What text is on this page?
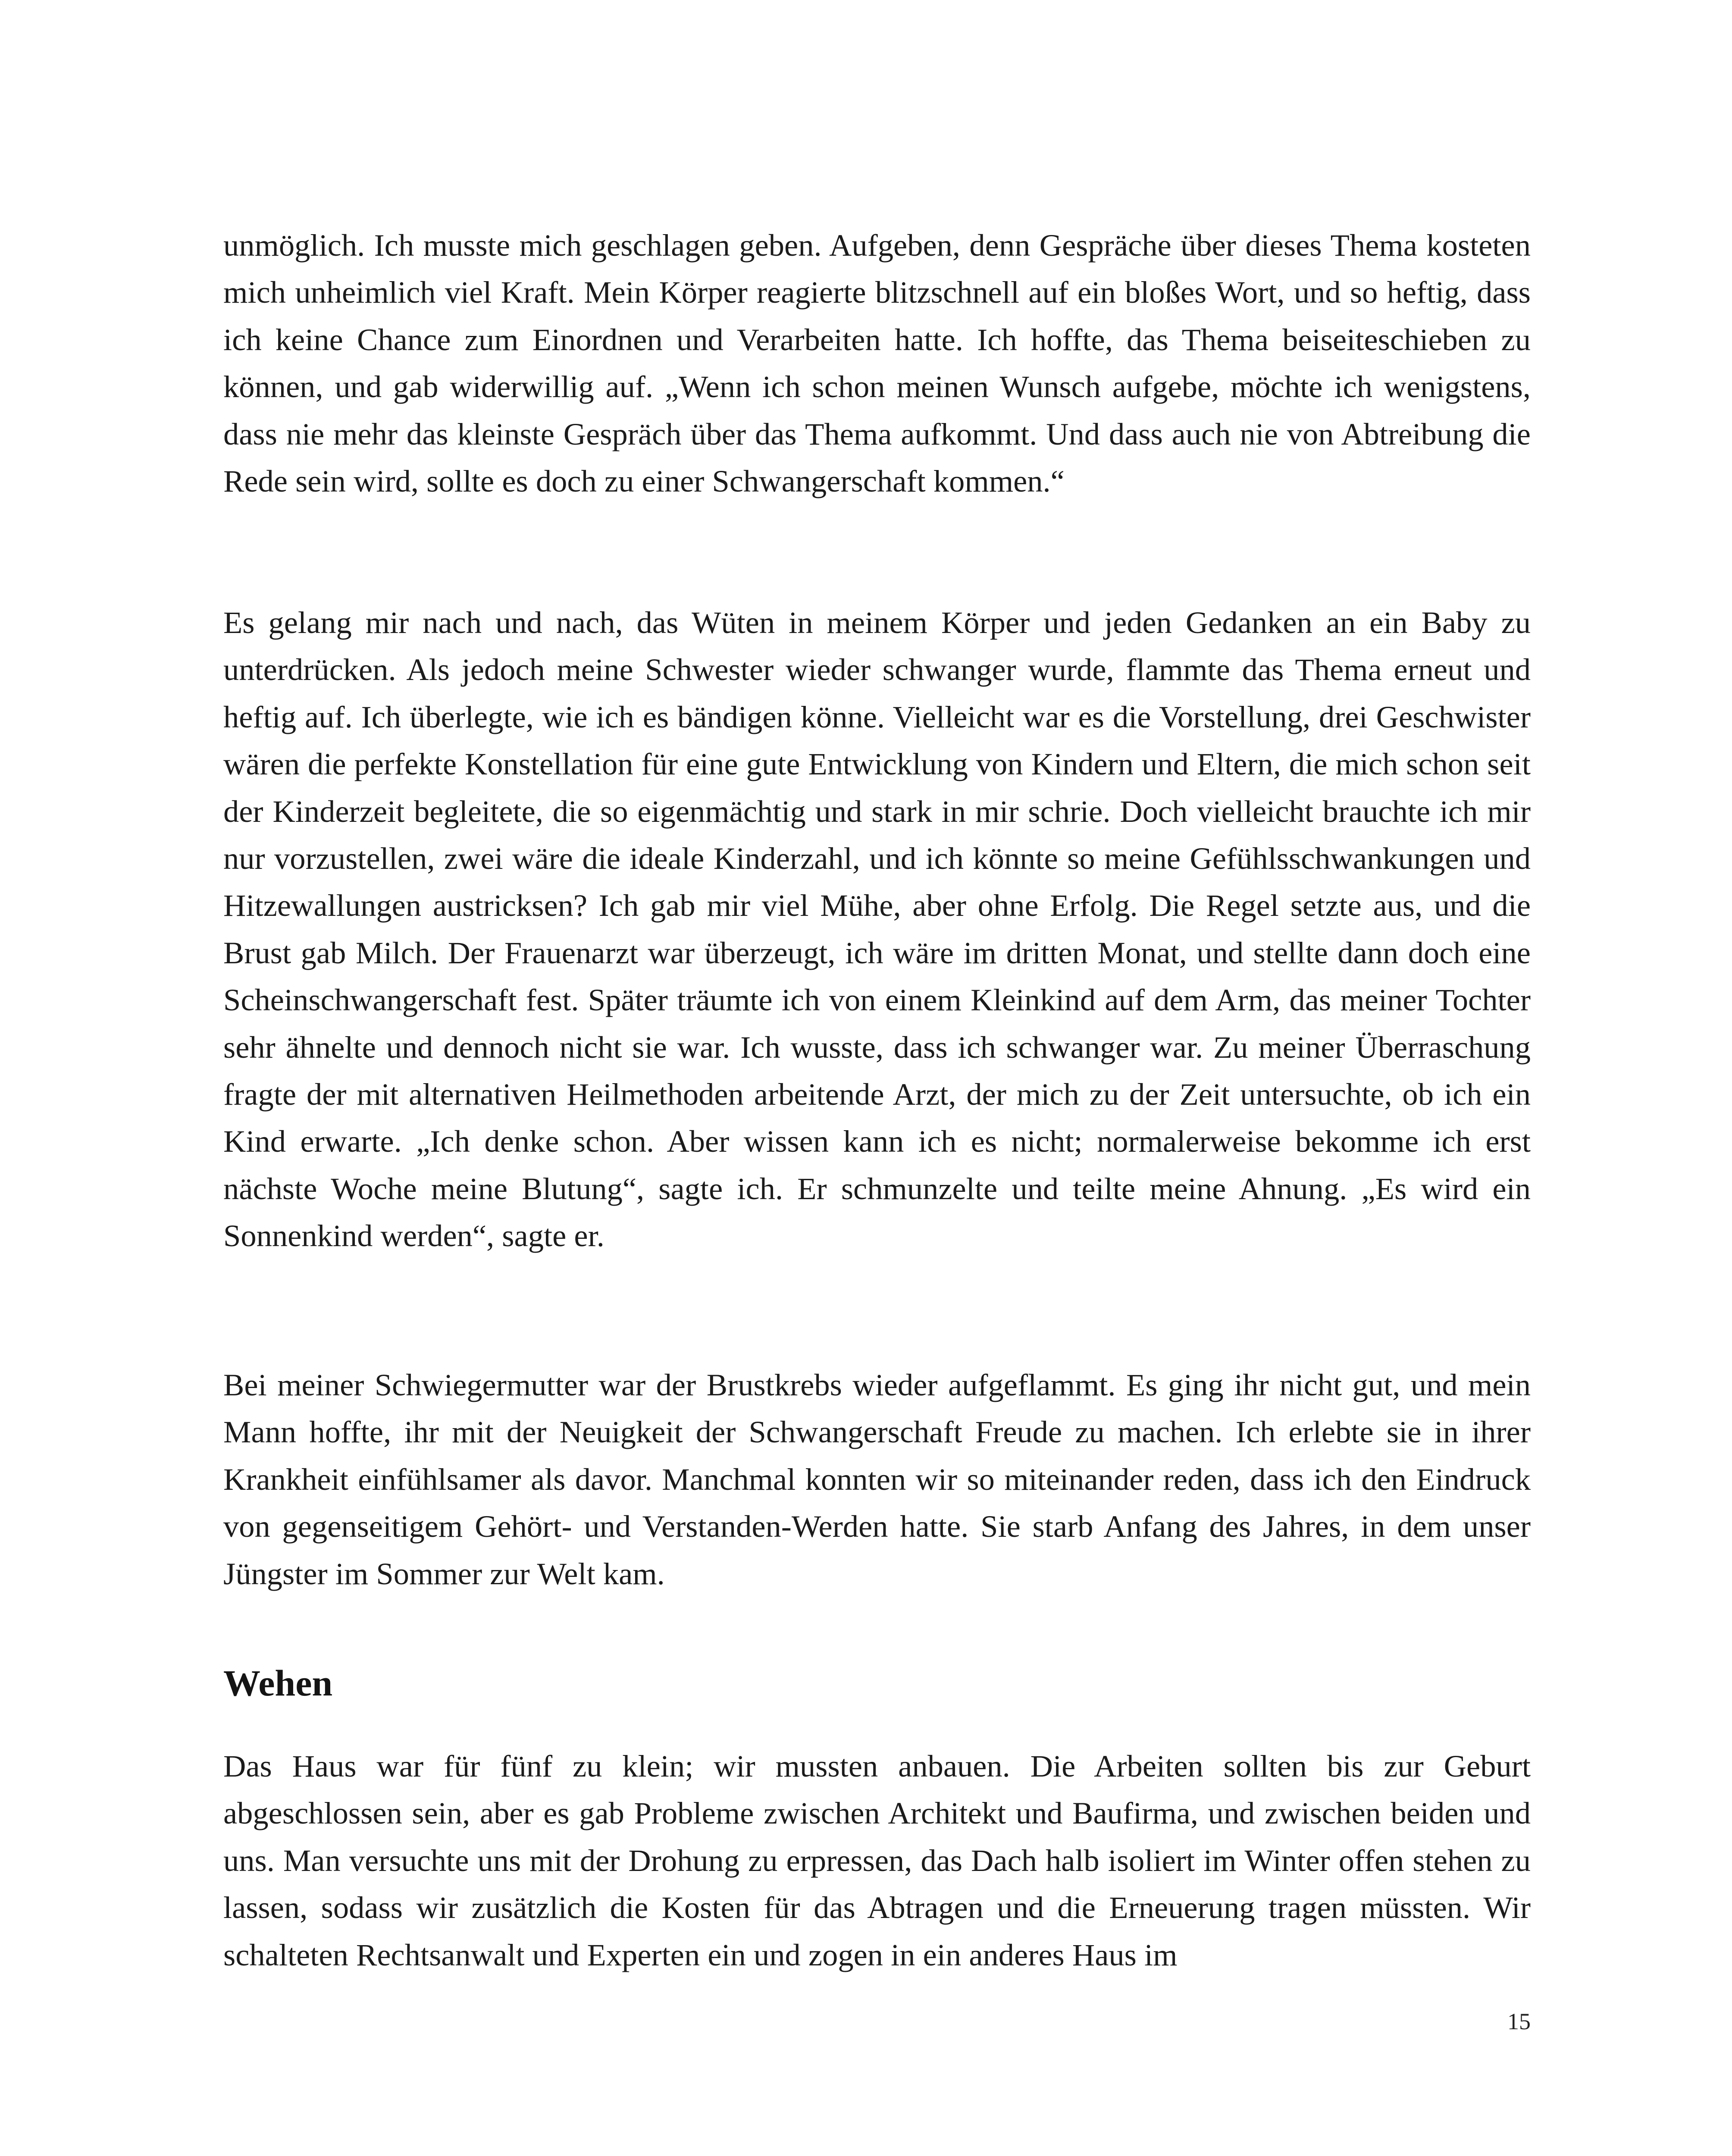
unmöglich. Ich musste mich geschlagen geben. Aufgeben, denn Gespräche über dieses Thema kosteten mich unheimlich viel Kraft. Mein Körper reagierte blitzschnell auf ein bloßes Wort, und so heftig, dass ich keine Chance zum Einordnen und Verarbeiten hatte. Ich hoffte, das Thema beiseiteschieben zu können, und gab widerwillig auf. „Wenn ich schon meinen Wunsch aufgebe, möchte ich wenigstens, dass nie mehr das kleinste Gespräch über das Thema aufkommt. Und dass auch nie von Abtreibung die Rede sein wird, sollte es doch zu einer Schwangerschaft kommen.“

Es gelang mir nach und nach, das Wüten in meinem Körper und jeden Gedanken an ein Baby zu unterdrücken. Als jedoch meine Schwester wieder schwanger wurde, flammte das Thema erneut und heftig auf. Ich überlegte, wie ich es bändigen könne. Vielleicht war es die Vorstellung, drei Geschwister wären die perfekte Konstellation für eine gute Entwicklung von Kindern und Eltern, die mich schon seit der Kinderzeit begleitete, die so eigenmächtig und stark in mir schrie. Doch vielleicht brauchte ich mir nur vorzustellen, zwei wäre die ideale Kinderzahl, und ich könnte so meine Gefühlsschwankungen und Hitzewallungen austricksen? Ich gab mir viel Mühe, aber ohne Erfolg. Die Regel setzte aus, und die Brust gab Milch. Der Frauenarzt war überzeugt, ich wäre im dritten Monat, und stellte dann doch eine Scheinschwangerschaft fest. Später träumte ich von einem Kleinkind auf dem Arm, das meiner Tochter sehr ähnelte und dennoch nicht sie war. Ich wusste, dass ich schwanger war. Zu meiner Überraschung fragte der mit alternativen Heilmethoden arbeitende Arzt, der mich zu der Zeit untersuchte, ob ich ein Kind erwarte. „Ich denke schon. Aber wissen kann ich es nicht; normalerweise bekomme ich erst nächste Woche meine Blutung“, sagte ich. Er schmunzelte und teilte meine Ahnung. „Es wird ein Sonnenkind werden“, sagte er.

Bei meiner Schwiegermutter war der Brustkrebs wieder aufgeflammt. Es ging ihr nicht gut, und mein Mann hoffte, ihr mit der Neuigkeit der Schwangerschaft Freude zu machen. Ich erlebte sie in ihrer Krankheit einfühlsamer als davor. Manchmal konnten wir so miteinander reden, dass ich den Eindruck von gegenseitigem Gehört- und Verstanden-Werden hatte. Sie starb Anfang des Jahres, in dem unser Jüngster im Sommer zur Welt kam.

Wehen

Das Haus war für fünf zu klein; wir mussten anbauen. Die Arbeiten sollten bis zur Geburt abgeschlossen sein, aber es gab Probleme zwischen Architekt und Baufirma, und zwischen beiden und uns. Man versuchte uns mit der Drohung zu erpressen, das Dach halb isoliert im Winter offen stehen zu lassen, sodass wir zusätzlich die Kosten für das Abtragen und die Erneuerung tragen müssten. Wir schalteten Rechtsanwalt und Experten ein und zogen in ein anderes Haus im

15
